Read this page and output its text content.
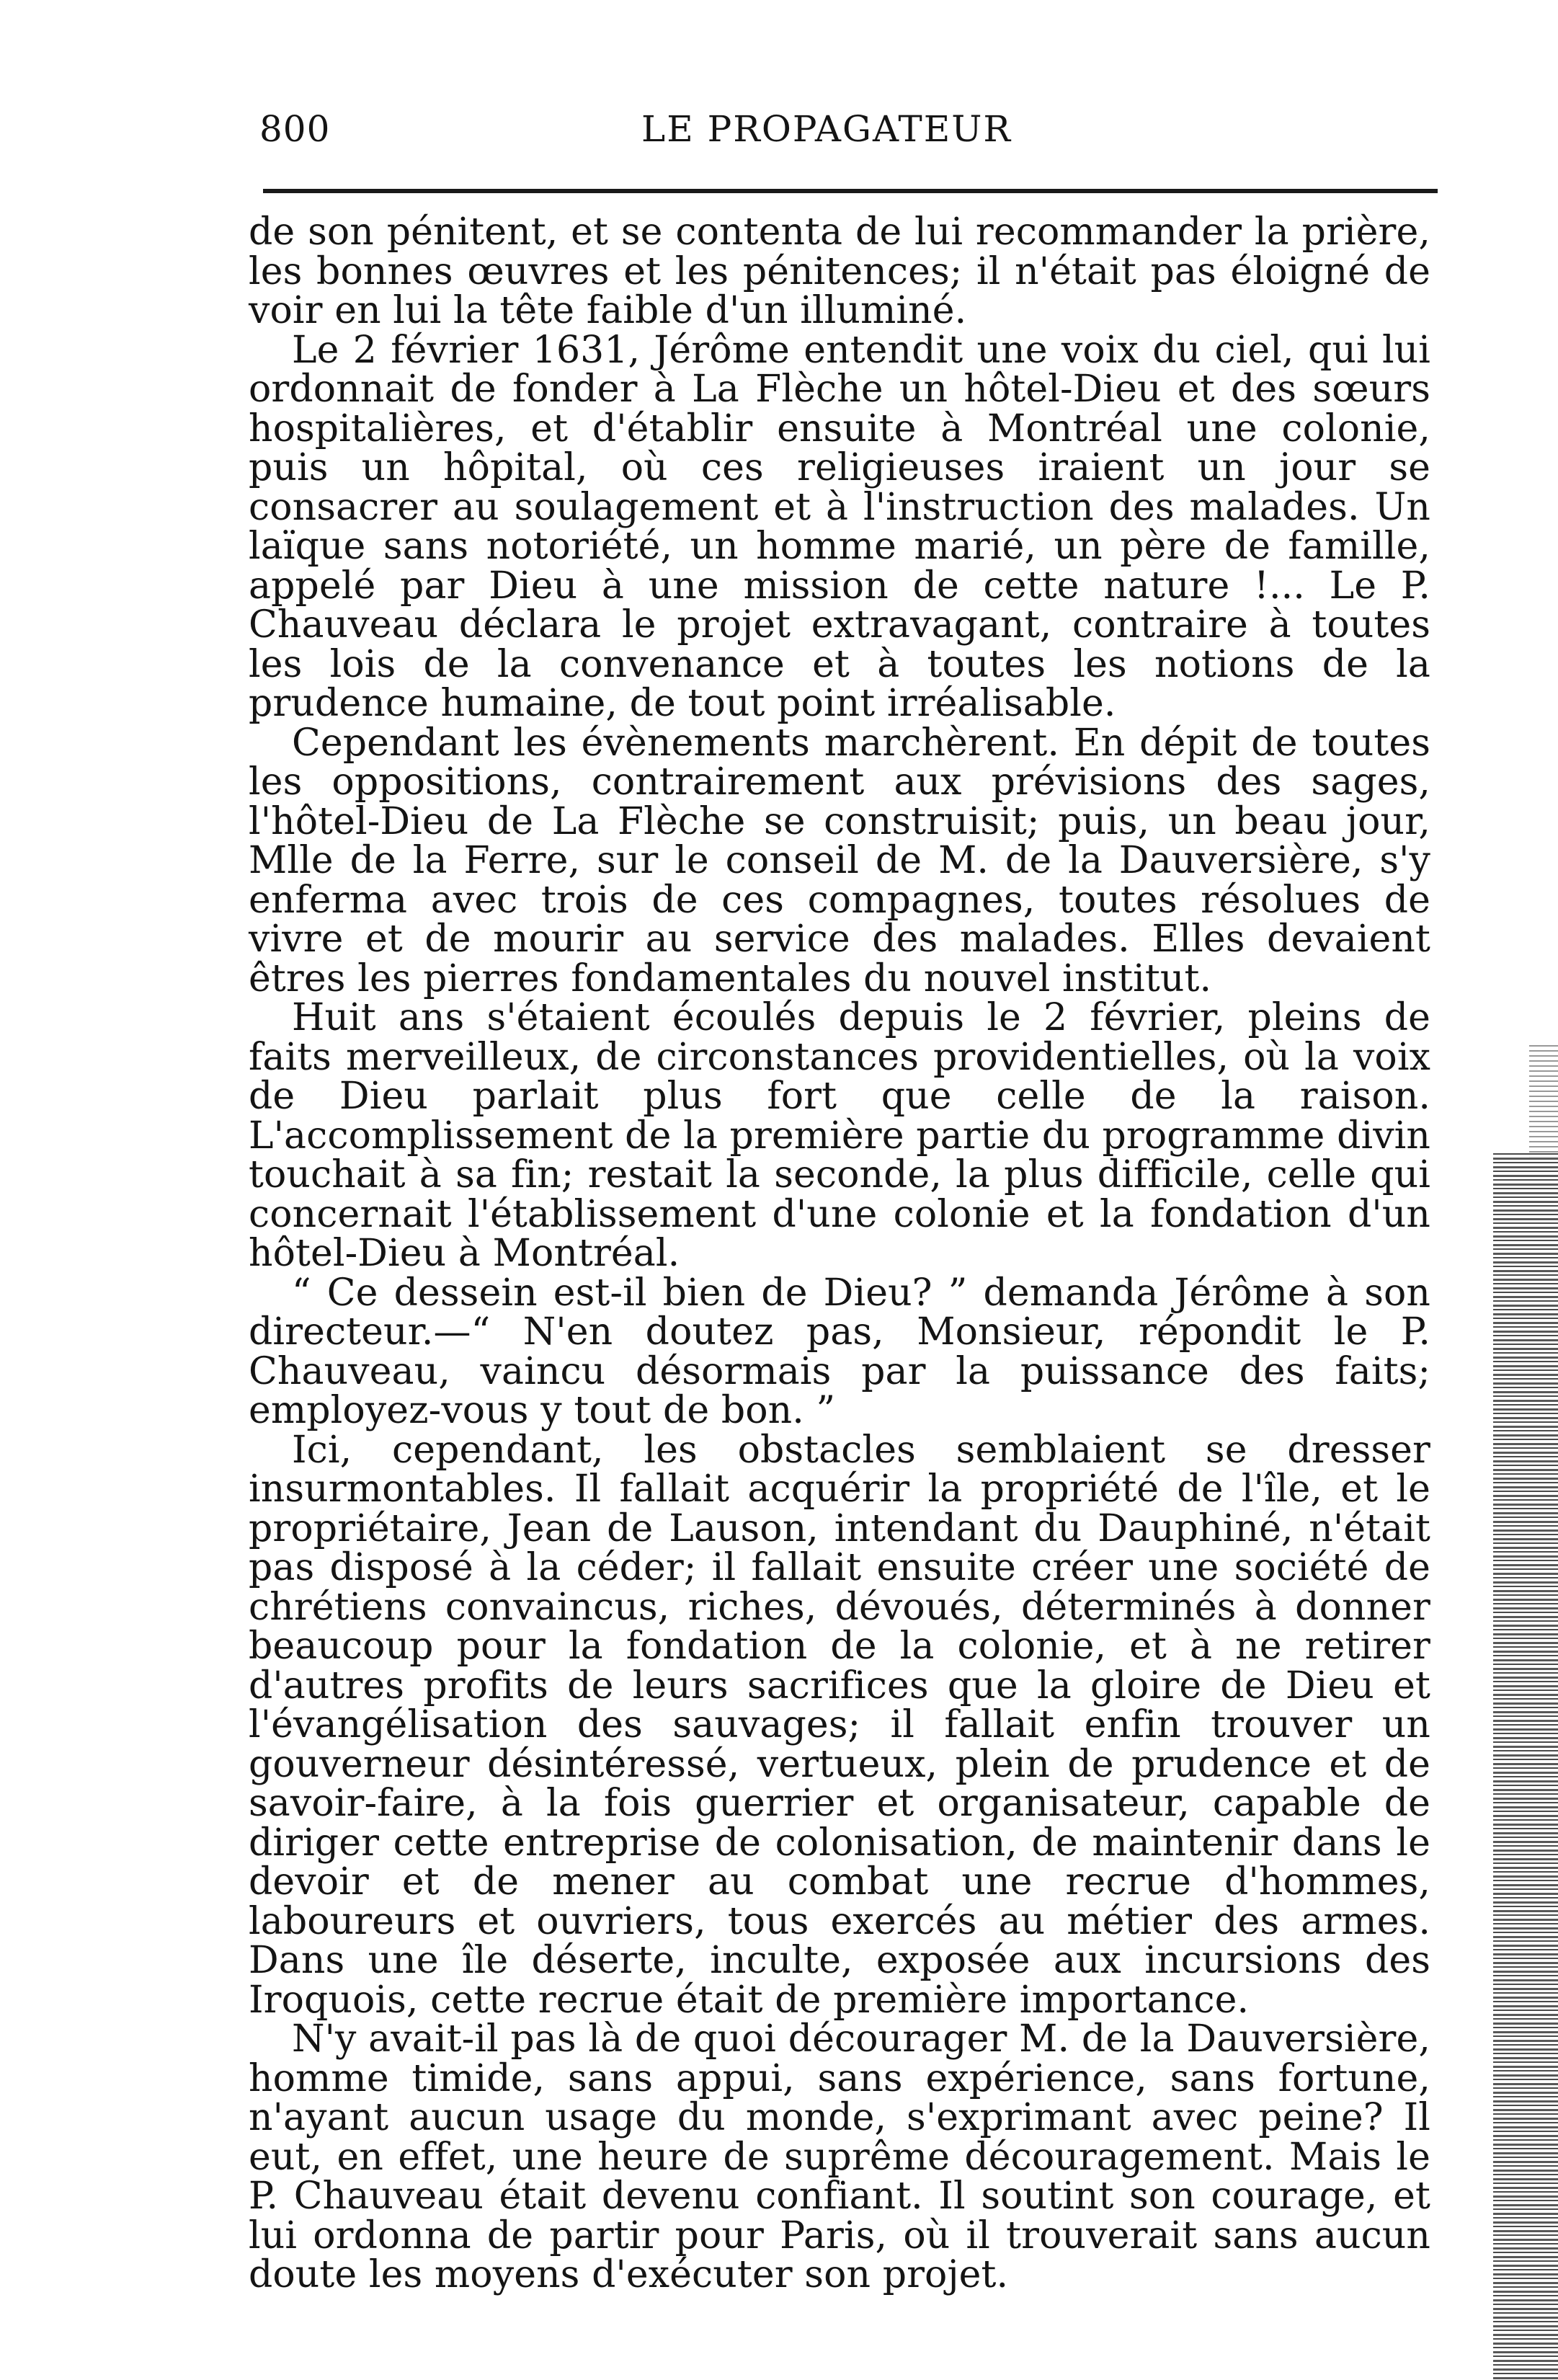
800	LE PROPAGATEUR

de son pénitent, et se contenta de lui recommander la prière, les bonnes œuvres et les pénitences; il n'était pas éloigné de voir en lui la tête faible d'un illuminé.

Le 2 février 1631, Jérôme entendit une voix du ciel, qui lui ordonnait de fonder à La Flèche un hôtel-Dieu et des sœurs hospitalières, et d'établir ensuite à Montréal une colonie, puis un hôpital, où ces religieuses iraient un jour se consacrer au soulagement et à l'instruction des malades. Un laïque sans notoriété, un homme marié, un père de famille, appelé par Dieu à une mission de cette nature !... Le P. Chauveau déclara le projet extravagant, contraire à toutes les lois de la convenance et à toutes les notions de la prudence humaine, de tout point irréalisable.

Cependant les évènements marchèrent. En dépit de toutes les oppositions, contrairement aux prévisions des sages, l'hôtel-Dieu de La Flèche se construisit; puis, un beau jour, Mlle de la Ferre, sur le conseil de M. de la Dauversière, s'y enferma avec trois de ces compagnes, toutes résolues de vivre et de mourir au service des malades. Elles devaient êtres les pierres fondamentales du nouvel institut.

Huit ans s'étaient écoulés depuis le 2 février, pleins de faits merveilleux, de circonstances providentielles, où la voix de Dieu parlait plus fort que celle de la raison. L'accomplissement de la première partie du programme divin touchait à sa fin; restait la seconde, la plus difficile, celle qui concernait l'établissement d'une colonie et la fondation d'un hôtel-Dieu à Montréal.

“ Ce dessein est-il bien de Dieu? ” demanda Jérôme à son directeur.—“ N'en doutez pas, Monsieur, répondit le P. Chauveau, vaincu désormais par la puissance des faits; employez-vous y tout de bon. ”

Ici, cependant, les obstacles semblaient se dresser insurmontables. Il fallait acquérir la propriété de l'île, et le propriétaire, Jean de Lauson, intendant du Dauphiné, n'était pas disposé à la céder; il fallait ensuite créer une société de chrétiens convaincus, riches, dévoués, déterminés à donner beaucoup pour la fondation de la colonie, et à ne retirer d'autres profits de leurs sacrifices que la gloire de Dieu et l'évangélisation des sauvages; il fallait enfin trouver un gouverneur désintéressé, vertueux, plein de prudence et de savoir-faire, à la fois guerrier et organisateur, capable de diriger cette entreprise de colonisation, de maintenir dans le devoir et de mener au combat une recrue d'hommes, laboureurs et ouvriers, tous exercés au métier des armes. Dans une île déserte, inculte, exposée aux incursions des Iroquois, cette recrue était de première importance.

N'y avait-il pas là de quoi décourager M. de la Dauversière, homme timide, sans appui, sans expérience, sans fortune, n'ayant aucun usage du monde, s'exprimant avec peine? Il eut, en effet, une heure de suprême découragement. Mais le P. Chauveau était devenu confiant. Il soutint son courage, et lui ordonna de partir pour Paris, où il trouverait sans aucun doute les moyens d'exécuter son projet.
